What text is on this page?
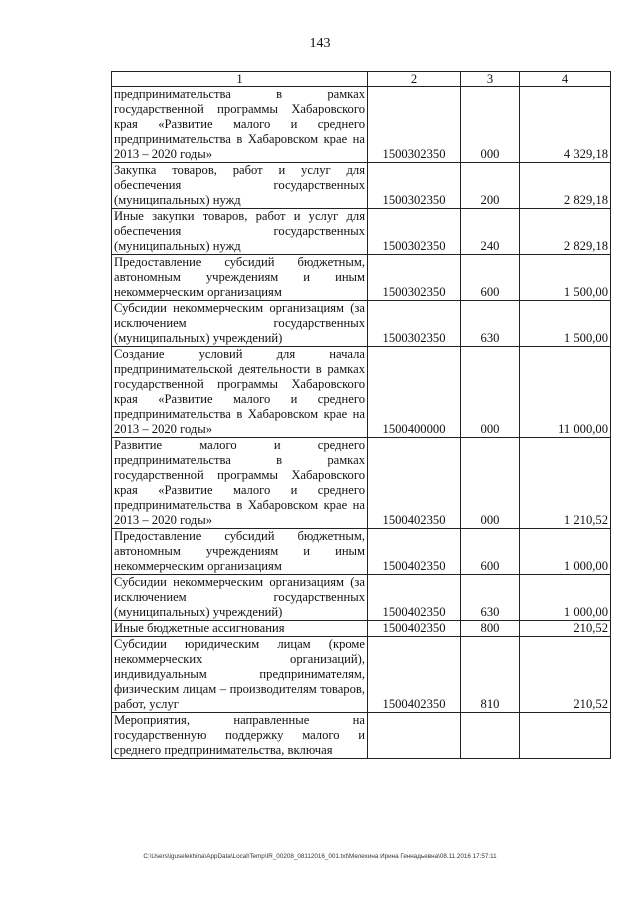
143
1	2	3	4
предпринимательства в рамках государственной программы Хабаровского края «Развитие малого и среднего предпринимательства в Хабаровском крае на 2013 – 2020 годы»	1500302350	000	4 329,18
Закупка товаров, работ и услуг для обеспечения государственных (муниципальных) нужд	1500302350	200	2 829,18
Иные закупки товаров, работ и услуг для обеспечения государственных (муниципальных) нужд	1500302350	240	2 829,18
Предоставление субсидий бюджетным, автономным учреждениям и иным некоммерческим организациям	1500302350	600	1 500,00
Субсидии некоммерческим организациям (за исключением государственных (муниципальных) учреждений)	1500302350	630	1 500,00
Создание условий для начала предпринимательской деятельности в рамках государственной программы Хабаровского края «Развитие малого и среднего предпринимательства в Хабаровском крае на 2013 – 2020 годы»	1500400000	000	11 000,00
Развитие малого и среднего предпринимательства в рамках государственной программы Хабаровского края «Развитие малого и среднего предпринимательства в Хабаровском крае на 2013 – 2020 годы»	1500402350	000	1 210,52
Предоставление субсидий бюджетным, автономным учреждениям и иным некоммерческим организациям	1500402350	600	1 000,00
Субсидии некоммерческим организациям (за исключением государственных (муниципальных) учреждений)	1500402350	630	1 000,00
Иные бюджетные ассигнования	1500402350	800	210,52
Субсидии юридическим лицам (кроме некоммерческих организаций), индивидуальным предпринимателям, физическим лицам – производителям товаров, работ, услуг	1500402350	810	210,52
Мероприятия, направленные на государственную поддержку малого и среднего предпринимательства, включая			
C:\Users\iguselekhina\AppData\Local\Temp\IR_00208_08112016_001.txt\Мелехина Ирина Геннадьевна\08.11.2016 17:57:11
